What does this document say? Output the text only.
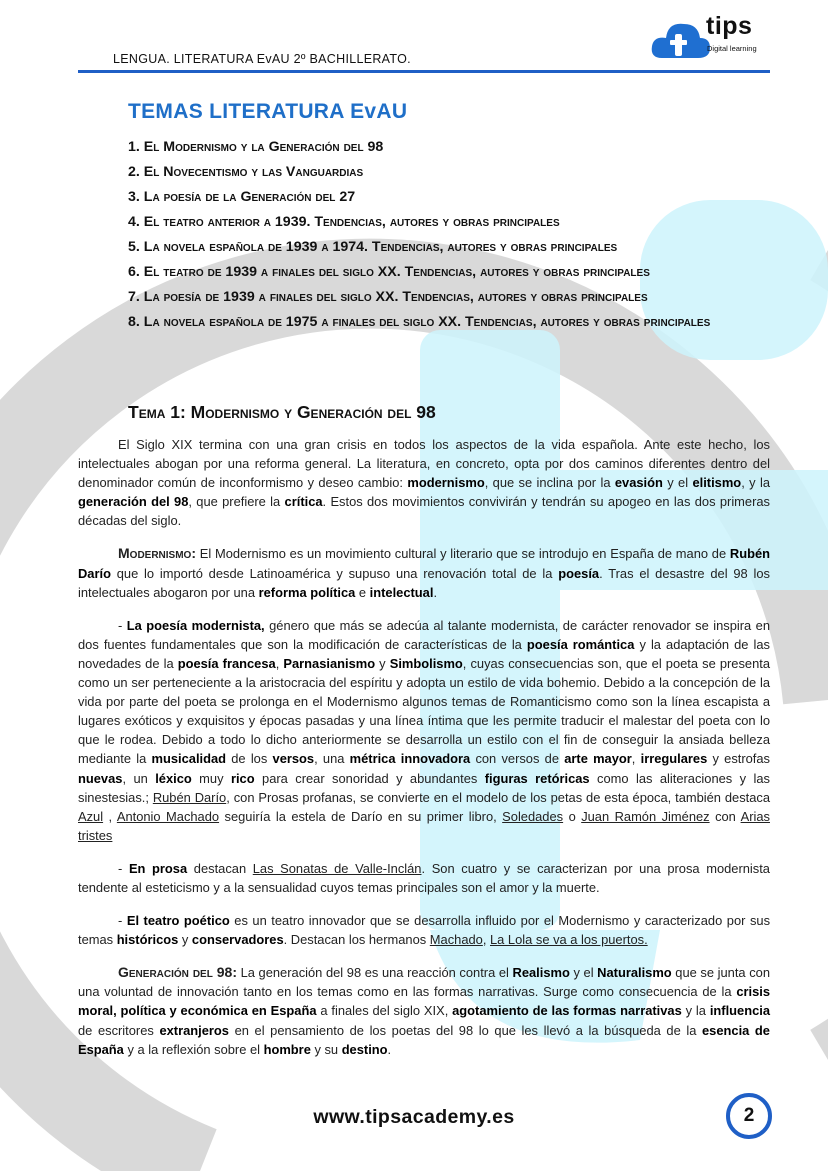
LENGUA. LITERATURA EvAU 2º BACHILLERATO.
tips
Digital learning
TEMAS LITERATURA EvAU

1. El Modernismo y la Generación del 98

2. El Novecentismo y las Vanguardias

3. La poesía de la Generación del 27

4. El teatro anterior a 1939. Tendencias, autores y obras principales

5. La novela española de 1939 a 1974. Tendencias, autores y obras principales

6. El teatro de 1939 a finales del siglo XX. Tendencias, autores y obras principales

7. La poesía de 1939 a finales del siglo XX. Tendencias, autores y obras principales

8. La novela española de 1975 a finales del siglo XX. Tendencias, autores y obras principales

Tema 1: Modernismo y Generación del 98

El Siglo XIX termina con una gran crisis en todos los aspectos de la vida española. Ante este hecho, los intelectuales abogan por una reforma general. La literatura, en concreto, opta por dos caminos diferentes dentro del denominador común de inconformismo y deseo cambio: modernismo, que se inclina por la evasión y el elitismo, y la generación del 98, que prefiere la crítica. Estos dos movimientos convivirán y tendrán su apogeo en las dos primeras décadas del siglo.

Modernismo: El Modernismo es un movimiento cultural y literario que se introdujo en España de mano de Rubén Darío que lo importó desde Latinoamérica y supuso una renovación total de la poesía. Tras el desastre del 98 los intelectuales abogaron por una reforma política e intelectual.

- La poesía modernista, género que más se adecúa al talante modernista, de carácter renovador se inspira en dos fuentes fundamentales que son la modificación de características de la poesía romántica y la adaptación de las novedades de la poesía francesa, Parnasianismo y Simbolismo, cuyas consecuencias son, que el poeta se presenta como un ser perteneciente a la aristocracia del espíritu y adopta un estilo de vida bohemio. Debido a la concepción de la vida por parte del poeta se prolonga en el Modernismo algunos temas de Romanticismo como son la línea escapista a lugares exóticos y exquisitos y épocas pasadas y una línea íntima que les permite traducir el malestar del poeta con lo que le rodea. Debido a todo lo dicho anteriormente se desarrolla un estilo con el fin de conseguir la ansiada belleza mediante la musicalidad de los versos, una métrica innovadora con versos de arte mayor, irregulares y estrofas nuevas, un léxico muy rico para crear sonoridad y abundantes figuras retóricas como las aliteraciones y las sinestesias.; Rubén Darío, con Prosas profanas, se convierte en el modelo de los petas de esta época, también destaca Azul , Antonio Machado seguiría la estela de Darío en su primer libro, Soledades o Juan Ramón Jiménez con Arias tristes

- En prosa destacan Las Sonatas de Valle-Inclán. Son cuatro y se caracterizan por una prosa modernista tendente al esteticismo y a la sensualidad cuyos temas principales son el amor y la muerte.

- El teatro poético es un teatro innovador que se desarrolla influido por el Modernismo y caracterizado por sus temas históricos y conservadores. Destacan los hermanos Machado, La Lola se va a los puertos.

Generación del 98: La generación del 98 es una reacción contra el Realismo y el Naturalismo que se junta con una voluntad de innovación tanto en los temas como en las formas narrativas. Surge como consecuencia de la crisis moral, política y económica en España a finales del siglo XIX, agotamiento de las formas narrativas y la influencia de escritores extranjeros en el pensamiento de los poetas del 98 lo que les llevó a la búsqueda de la esencia de España y a la reflexión sobre el hombre y su destino.

www.tipsacademy.es	2
